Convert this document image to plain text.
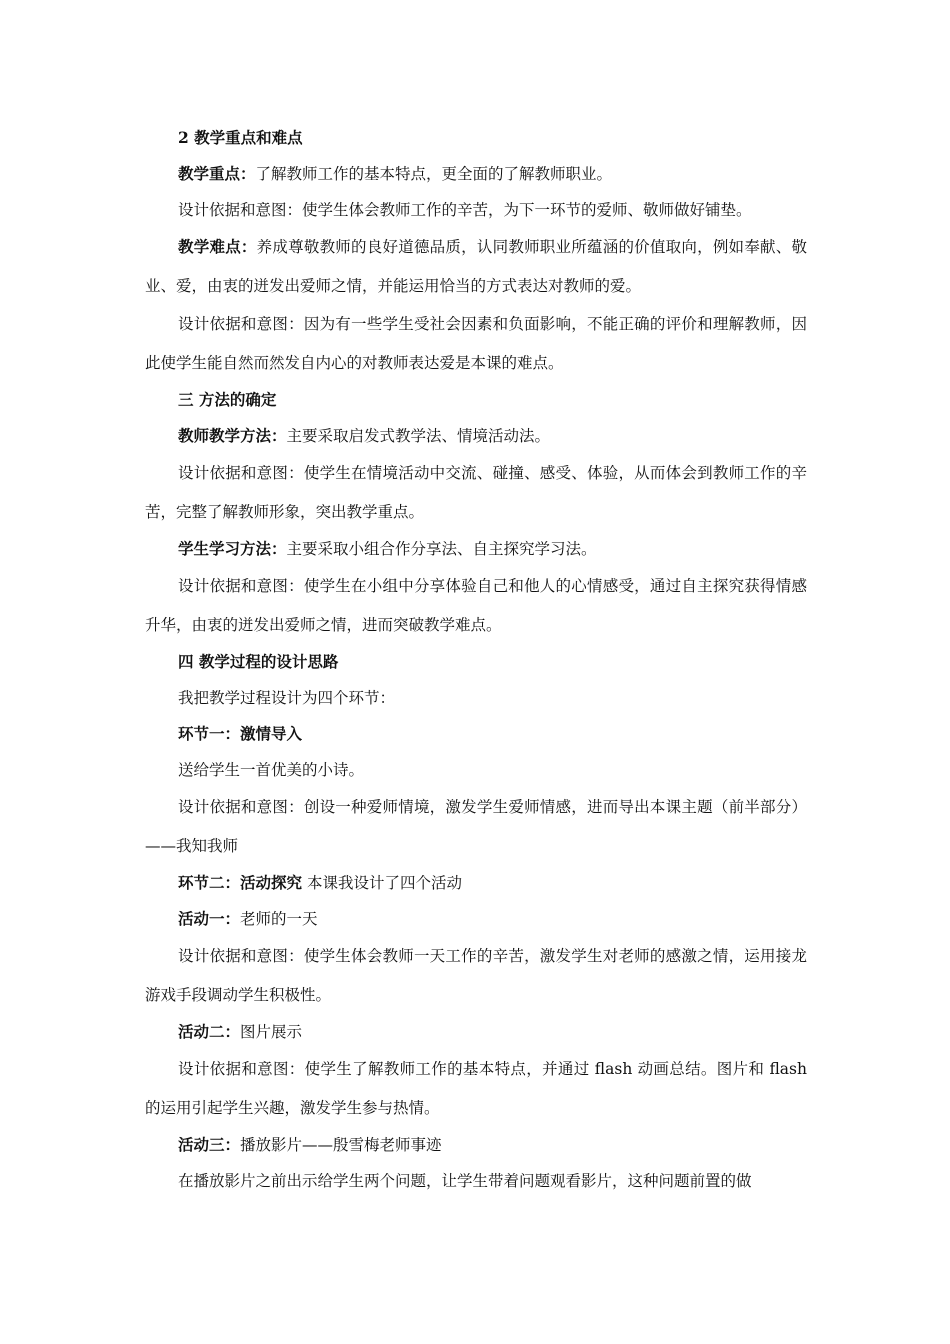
2 教学重点和难点

教学重点：了解教师工作的基本特点，更全面的了解教师职业。

设计依据和意图：使学生体会教师工作的辛苦，为下一环节的爱师、敬师做好铺垫。

教学难点：养成尊敬教师的良好道德品质，认同教师职业所蕴涵的价值取向，例如奉献、敬业、爱，由衷的迸发出爱师之情，并能运用恰当的方式表达对教师的爱。

设计依据和意图：因为有一些学生受社会因素和负面影响，不能正确的评价和理解教师，因此使学生能自然而然发自内心的对教师表达爱是本课的难点。

三 方法的确定

教师教学方法：主要采取启发式教学法、情境活动法。

设计依据和意图：使学生在情境活动中交流、碰撞、感受、体验，从而体会到教师工作的辛苦，完整了解教师形象，突出教学重点。

学生学习方法：主要采取小组合作分享法、自主探究学习法。

设计依据和意图：使学生在小组中分享体验自己和他人的心情感受，通过自主探究获得情感升华，由衷的迸发出爱师之情，进而突破教学难点。

四 教学过程的设计思路

我把教学过程设计为四个环节：

环节一：激情导入

送给学生一首优美的小诗。

设计依据和意图：创设一种爱师情境，激发学生爱师情感，进而导出本课主题（前半部分）——我知我师

环节二：活动探究 本课我设计了四个活动

活动一：老师的一天

设计依据和意图：使学生体会教师一天工作的辛苦，激发学生对老师的感激之情，运用接龙游戏手段调动学生积极性。

活动二：图片展示

设计依据和意图：使学生了解教师工作的基本特点，并通过 flash 动画总结。图片和 flash 的运用引起学生兴趣，激发学生参与热情。

活动三：播放影片——殷雪梅老师事迹

在播放影片之前出示给学生两个问题，让学生带着问题观看影片，这种问题前置的做
